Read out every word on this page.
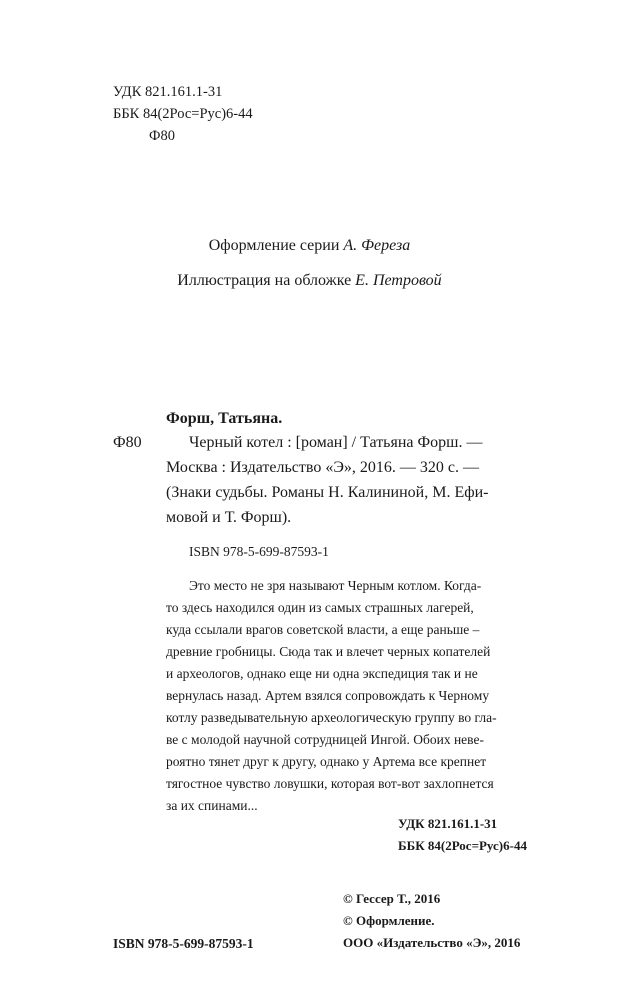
УДК 821.161.1-31
ББК 84(2Рос=Рус)6-44
Ф80
Оформление серии А. Фереза
Иллюстрация на обложке Е. Петровой
Форш, Татьяна.
Ф80	Черный котел : [роман] / Татьяна Форш. —
Москва : Издательство «Э», 2016. — 320 с. —
(Знаки судьбы. Романы Н. Калининой, М. Ефи-
мовой и Т. Форш).
ISBN 978-5-699-87593-1
Это место не зря называют Черным котлом. Когда-
то здесь находился один из самых страшных лагерей,
куда ссылали врагов советской власти, а еще раньше –
древние гробницы. Сюда так и влечет черных копателей
и археологов, однако еще ни одна экспедиция так и не
вернулась назад. Артем взялся сопровождать к Черному
котлу разведывательную археологическую группу во гла-
ве с молодой научной сотрудницей Ингой. Обоих неве-
роятно тянет друг к другу, однако у Артема все крепнет
тягостное чувство ловушки, которая вот-вот захлопнется
за их спинами...
УДК 821.161.1-31
ББК 84(2Рос=Рус)6-44
© Гессер Т., 2016
© Оформление.
ООО «Издательство «Э», 2016
ISBN 978-5-699-87593-1
